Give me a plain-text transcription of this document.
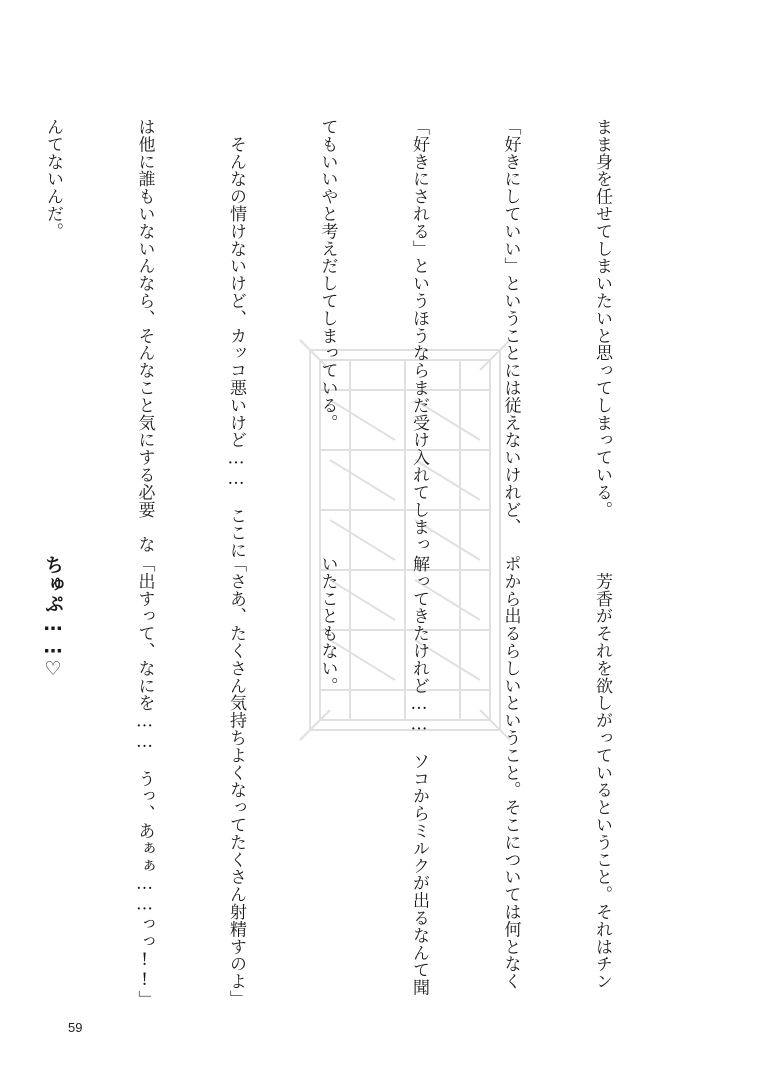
まま身を任せてしまいたいと思ってしまっている。

「好きにしていい」ということには従えないけれど、

「好きにされる」というほうならまだ受け入れてしまっ

てもいいやと考えだしてしまっている。

　そんなの情けないけど、カッコ悪いけど……　ここに

は他に誰もいないんなら、そんなこと気にする必要　な

んてないんだ。

　芳香がそれを欲しがっているということ。それはチン

ポから出るらしいということ。そこについては何となく

解ってきたけれど……　ソコからミルクが出るなんて聞

いたこともない。

「さあ、たくさん気持ちよくなってたくさん射精すのよ」

「出すって、なにを……　うっ、あぁぁ……っっ!!」

ちゅぷ……♡

59
